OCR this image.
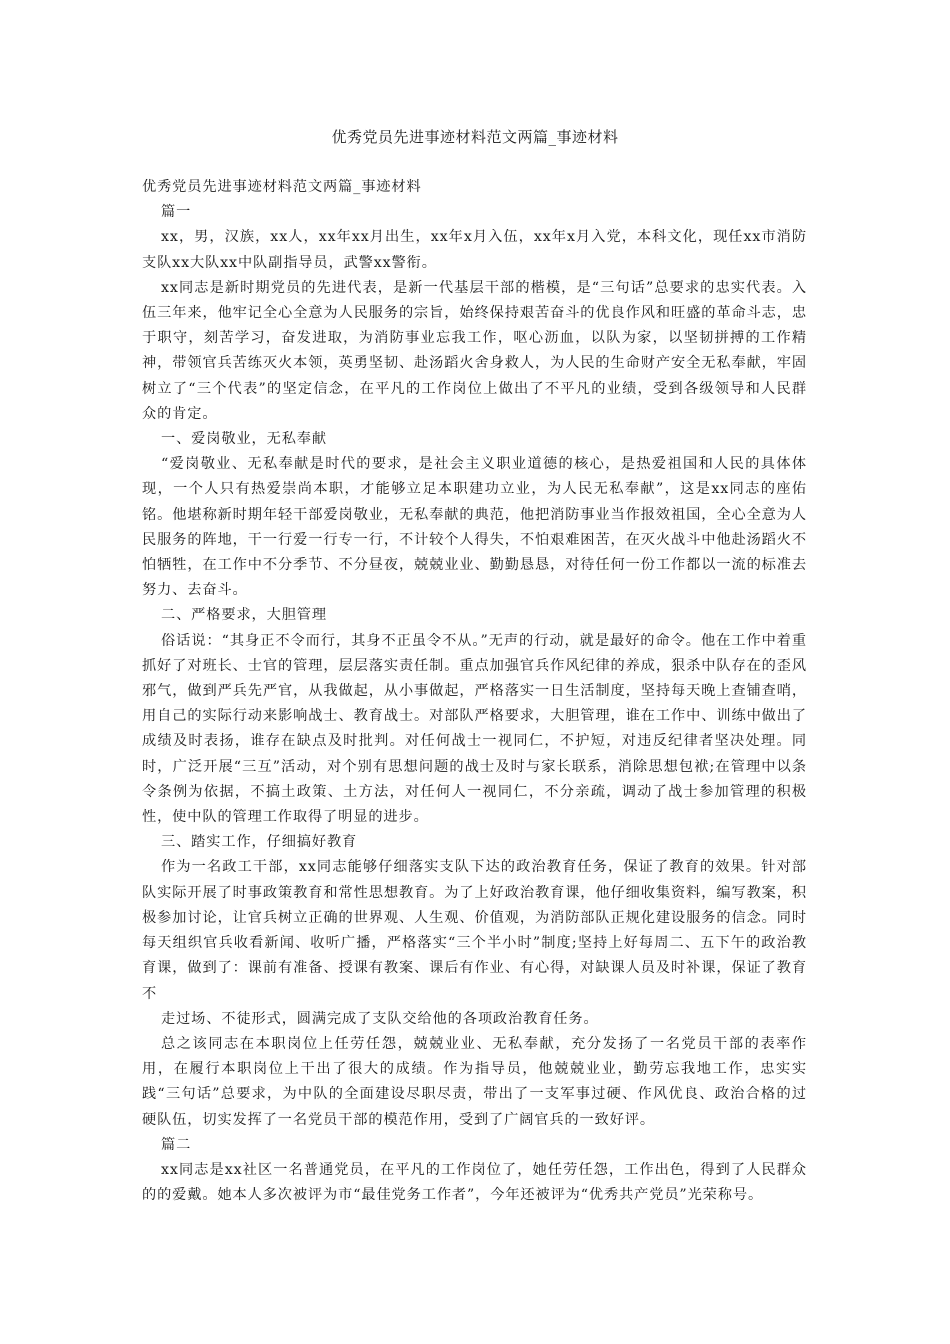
优秀党员先进事迹材料范文两篇_事迹材料

优秀党员先进事迹材料范文两篇_事迹材料

篇一

xx，男，汉族，xx人，xx年xx月出生，xx年x月入伍，xx年x月入党，本科文化，现任xx市消防支队xx大队xx中队副指导员，武警xx警衔。

xx同志是新时期党员的先进代表，是新一代基层干部的楷模，是“三句话”总要求的忠实代表。入伍三年来，他牢记全心全意为人民服务的宗旨，始终保持艰苦奋斗的优良作风和旺盛的革命斗志，忠于职守，刻苦学习，奋发进取，为消防事业忘我工作，呕心沥血，以队为家，以坚韧拼搏的工作精神，带领官兵苦练灭火本领，英勇坚韧、赴汤蹈火舍身救人，为人民的生命财产安全无私奉献，牢固树立了“三个代表”的坚定信念，在平凡的工作岗位上做出了不平凡的业绩，受到各级领导和人民群众的肯定。

一、爱岗敬业，无私奉献

“爱岗敬业、无私奉献是时代的要求，是社会主义职业道德的核心，是热爱祖国和人民的具体体现，一个人只有热爱崇尚本职，才能够立足本职建功立业，为人民无私奉献”，这是xx同志的座佑铭。他堪称新时期年轻干部爱岗敬业，无私奉献的典范，他把消防事业当作报效祖国，全心全意为人民服务的阵地，干一行爱一行专一行，不计较个人得失，不怕艰难困苦，在灭火战斗中他赴汤蹈火不怕牺牲，在工作中不分季节、不分昼夜，兢兢业业、勤勤恳恳，对待任何一份工作都以一流的标准去努力、去奋斗。

二、严格要求，大胆管理

俗话说：“其身正不令而行，其身不正虽令不从。”无声的行动，就是最好的命令。他在工作中着重抓好了对班长、士官的管理，层层落实责任制。重点加强官兵作风纪律的养成，狠杀中队存在的歪风邪气，做到严兵先严官，从我做起，从小事做起，严格落实一日生活制度，坚持每天晚上查铺查哨，用自己的实际行动来影响战士、教育战士。对部队严格要求，大胆管理，谁在工作中、训练中做出了成绩及时表扬，谁存在缺点及时批判。对任何战士一视同仁，不护短，对违反纪律者坚决处理。同时，广泛开展“三互”活动，对个别有思想问题的战士及时与家长联系，消除思想包袱;在管理中以条令条例为依据，不搞土政策、土方法，对任何人一视同仁，不分亲疏，调动了战士参加管理的积极性，使中队的管理工作取得了明显的进步。

三、踏实工作，仔细搞好教育

作为一名政工干部，xx同志能够仔细落实支队下达的政治教育任务，保证了教育的效果。针对部队实际开展了时事政策教育和常性思想教育。为了上好政治教育课，他仔细收集资料，编写教案，积极参加讨论，让官兵树立正确的世界观、人生观、价值观，为消防部队正规化建设服务的信念。同时每天组织官兵收看新闻、收听广播，严格落实“三个半小时”制度;坚持上好每周二、五下午的政治教育课，做到了：课前有准备、授课有教案、课后有作业、有心得，对缺课人员及时补课，保证了教育不

走过场、不徒形式，圆满完成了支队交给他的各项政治教育任务。

总之该同志在本职岗位上任劳任怨，兢兢业业、无私奉献，充分发扬了一名党员干部的表率作用，在履行本职岗位上干出了很大的成绩。作为指导员，他兢兢业业，勤劳忘我地工作，忠实实践“三句话”总要求，为中队的全面建设尽职尽责，带出了一支军事过硬、作风优良、政治合格的过硬队伍，切实发挥了一名党员干部的模范作用，受到了广阔官兵的一致好评。

篇二

xx同志是xx社区一名普通党员，在平凡的工作岗位了，她任劳任怨，工作出色，得到了人民群众的的爱戴。她本人多次被评为市“最佳党务工作者”，今年还被评为“优秀共产党员”光荣称号。
